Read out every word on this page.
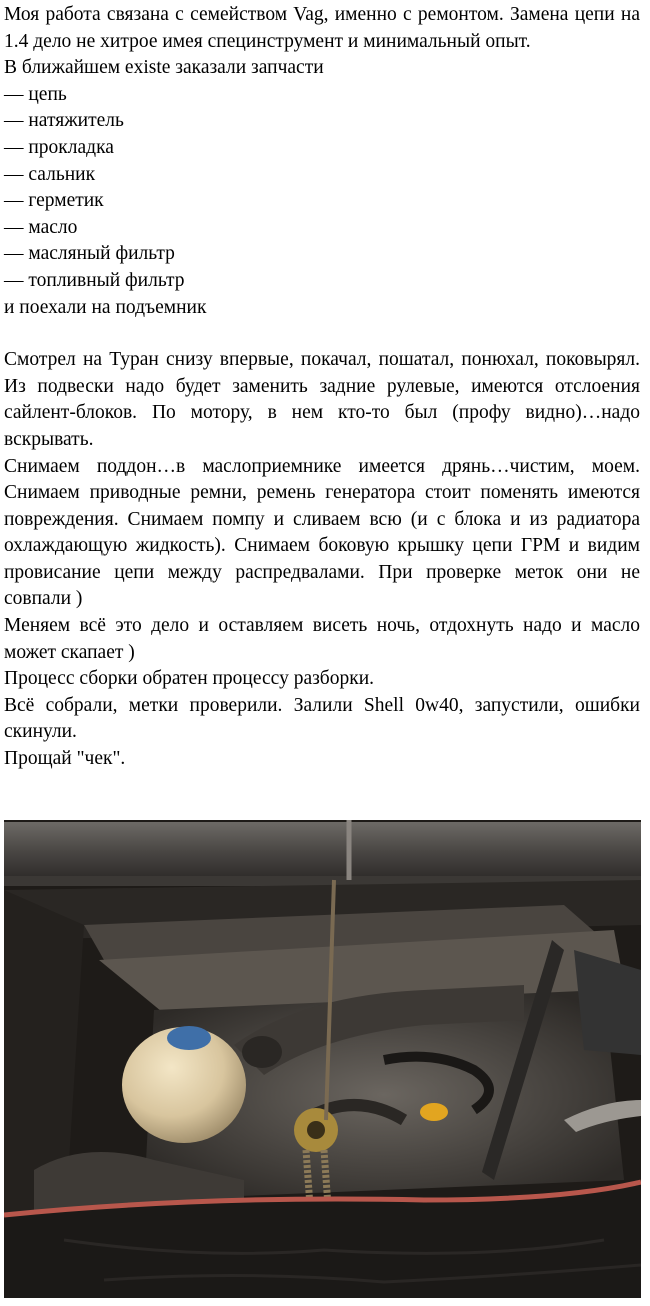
Моя работа связана с семейством Vag, именно с ремонтом. Замена цепи на 1.4 дело не хитрое имея специнструмент и минимальный опыт.

В ближайшем existe заказали запчасти
— цепь
— натяжитель
— прокладка
— сальник
— герметик
— масло
— масляный фильтр
— топливный фильтр
и поехали на подъемник

Смотрел на Туран снизу впервые, покачал, пошатал, понюхал, поковырял. Из подвески надо будет заменить задние рулевые, имеются отслоения сайлент-блоков. По мотору, в нем кто-то был (профу видно)…надо вскрывать.

Снимаем поддон…в маслоприемнике имеется дрянь…чистим, моем. Снимаем приводные ремни, ремень генератора стоит поменять имеются повреждения. Снимаем помпу и сливаем всю (и с блока и из радиатора охлаждающую жидкость). Снимаем боковую крышку цепи ГРМ и видим провисание цепи между распредвалами. При проверке меток они не совпали )

Меняем всё это дело и оставляем висеть ночь, отдохнуть надо и масло может скапает )

Процесс сборки обратен процессу разборки.

Всё собрали, метки проверили. Залили Shell 0w40, запустили, ошибки скинули.

Прощай "чек".
